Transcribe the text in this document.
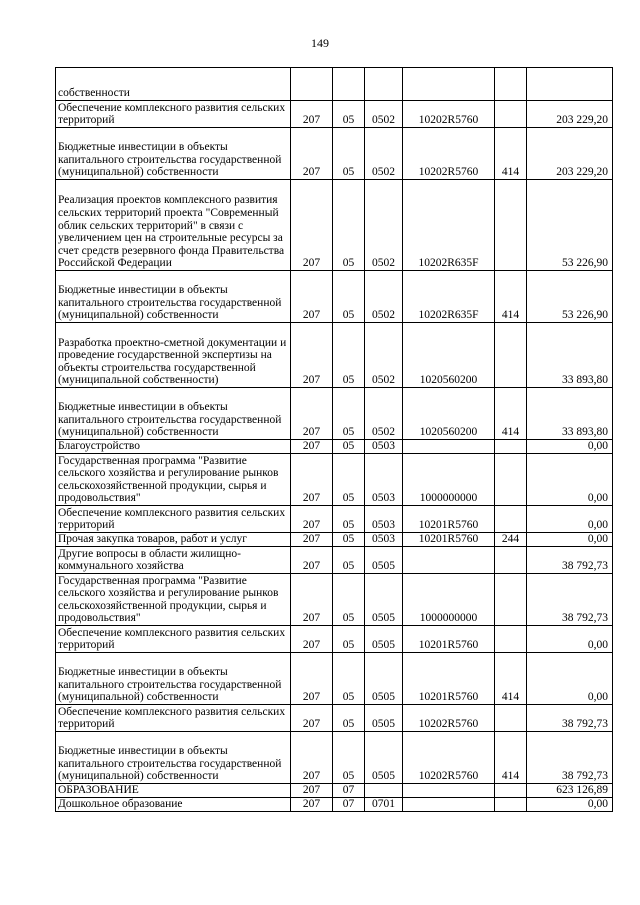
149
собственности						
Обеспечение комплексного развития сельских территорий	207	05	0502	10202R5760		203 229,20
Бюджетные инвестиции в объекты капитального строительства государственной (муниципальной) собственности	207	05	0502	10202R5760	414	203 229,20
Реализация проектов комплексного развития сельских территорий проекта "Современный облик сельских территорий" в связи с увеличением цен на строительные ресурсы за счет средств резервного фонда Правительства Российской Федерации	207	05	0502	10202R635F		53 226,90
Бюджетные инвестиции в объекты капитального строительства государственной (муниципальной) собственности	207	05	0502	10202R635F	414	53 226,90
Разработка проектно-сметной документации и проведение государственной экспертизы на объекты строительства государственной (муниципальной собственности)	207	05	0502	1020560200		33 893,80
Бюджетные инвестиции в объекты капитального строительства государственной (муниципальной) собственности	207	05	0502	1020560200	414	33 893,80
Благоустройство	207	05	0503			0,00
Государственная программа "Развитие сельского хозяйства и регулирование рынков сельскохозяйственной продукции, сырья и продовольствия"	207	05	0503	1000000000		0,00
Обеспечение комплексного развития сельских территорий	207	05	0503	10201R5760		0,00
Прочая закупка товаров, работ и услуг	207	05	0503	10201R5760	244	0,00
Другие вопросы в области жилищно-коммунального хозяйства	207	05	0505			38 792,73
Государственная программа "Развитие сельского хозяйства и регулирование рынков сельскохозяйственной продукции, сырья и продовольствия"	207	05	0505	1000000000		38 792,73
Обеспечение комплексного развития сельских территорий	207	05	0505	10201R5760		0,00
Бюджетные инвестиции в объекты капитального строительства государственной (муниципальной) собственности	207	05	0505	10201R5760	414	0,00
Обеспечение комплексного развития сельских территорий	207	05	0505	10202R5760		38 792,73
Бюджетные инвестиции в объекты капитального строительства государственной (муниципальной) собственности	207	05	0505	10202R5760	414	38 792,73
ОБРАЗОВАНИЕ	207	07				623 126,89
Дошкольное образование	207	07	0701			0,00
